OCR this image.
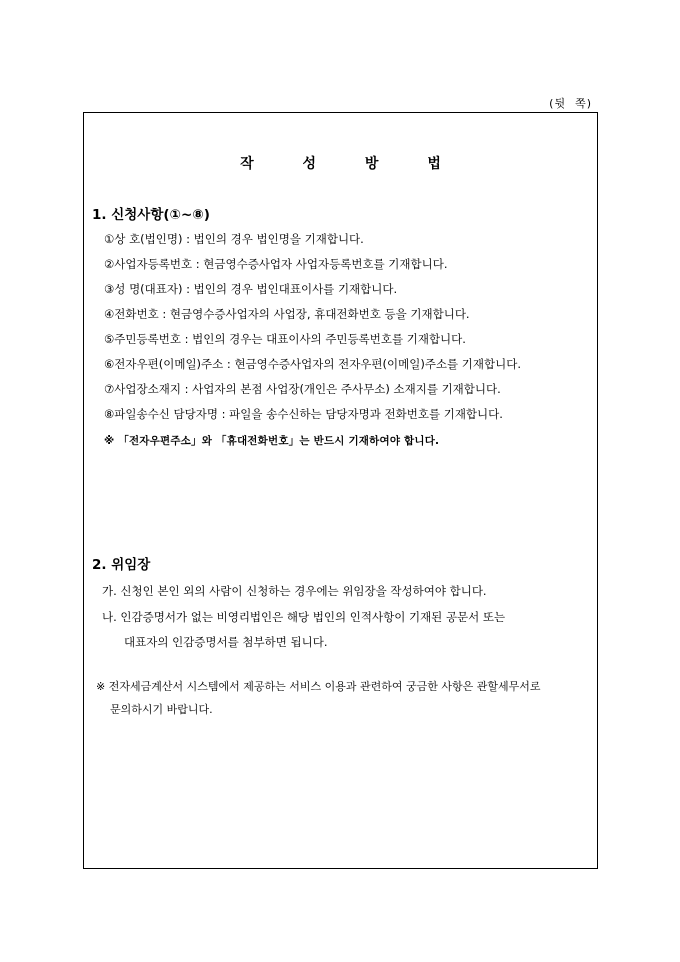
(뒷  쪽)
작 성 방 법
1. 신청사항(①~⑧)
①상 호(법인명) : 법인의 경우 법인명을 기재합니다.
②사업자등록번호 : 현금영수증사업자 사업자등록번호를 기재합니다.
③성 명(대표자) : 법인의 경우 법인대표이사를 기재합니다.
④전화번호 : 현금영수증사업자의 사업장, 휴대전화번호 등을 기재합니다.
⑤주민등록번호 : 법인의 경우는 대표이사의 주민등록번호를 기재합니다.
⑥전자우편(이메일)주소 : 현금영수증사업자의 전자우편(이메일)주소를 기재합니다.
⑦사업장소재지 : 사업자의 본점 사업장(개인은 주사무소) 소재지를 기재합니다.
⑧파일송수신 담당자명 : 파일을 송수신하는 담당자명과 전화번호를 기재합니다.
※ 「전자우편주소」와 「휴대전화번호」는 반드시 기재하여야 합니다.
2. 위임장
가. 신청인 본인 외의 사람이 신청하는 경우에는 위임장을 작성하여야 합니다.
나. 인감증명서가 없는 비영리법인은 해당 법인의 인적사항이 기재된 공문서 또는
대표자의 인감증명서를 첨부하면 됩니다.
※ 전자세금계산서 시스템에서 제공하는 서비스 이용과 관련하여 궁금한 사항은 관할세무서로
문의하시기 바랍니다.
